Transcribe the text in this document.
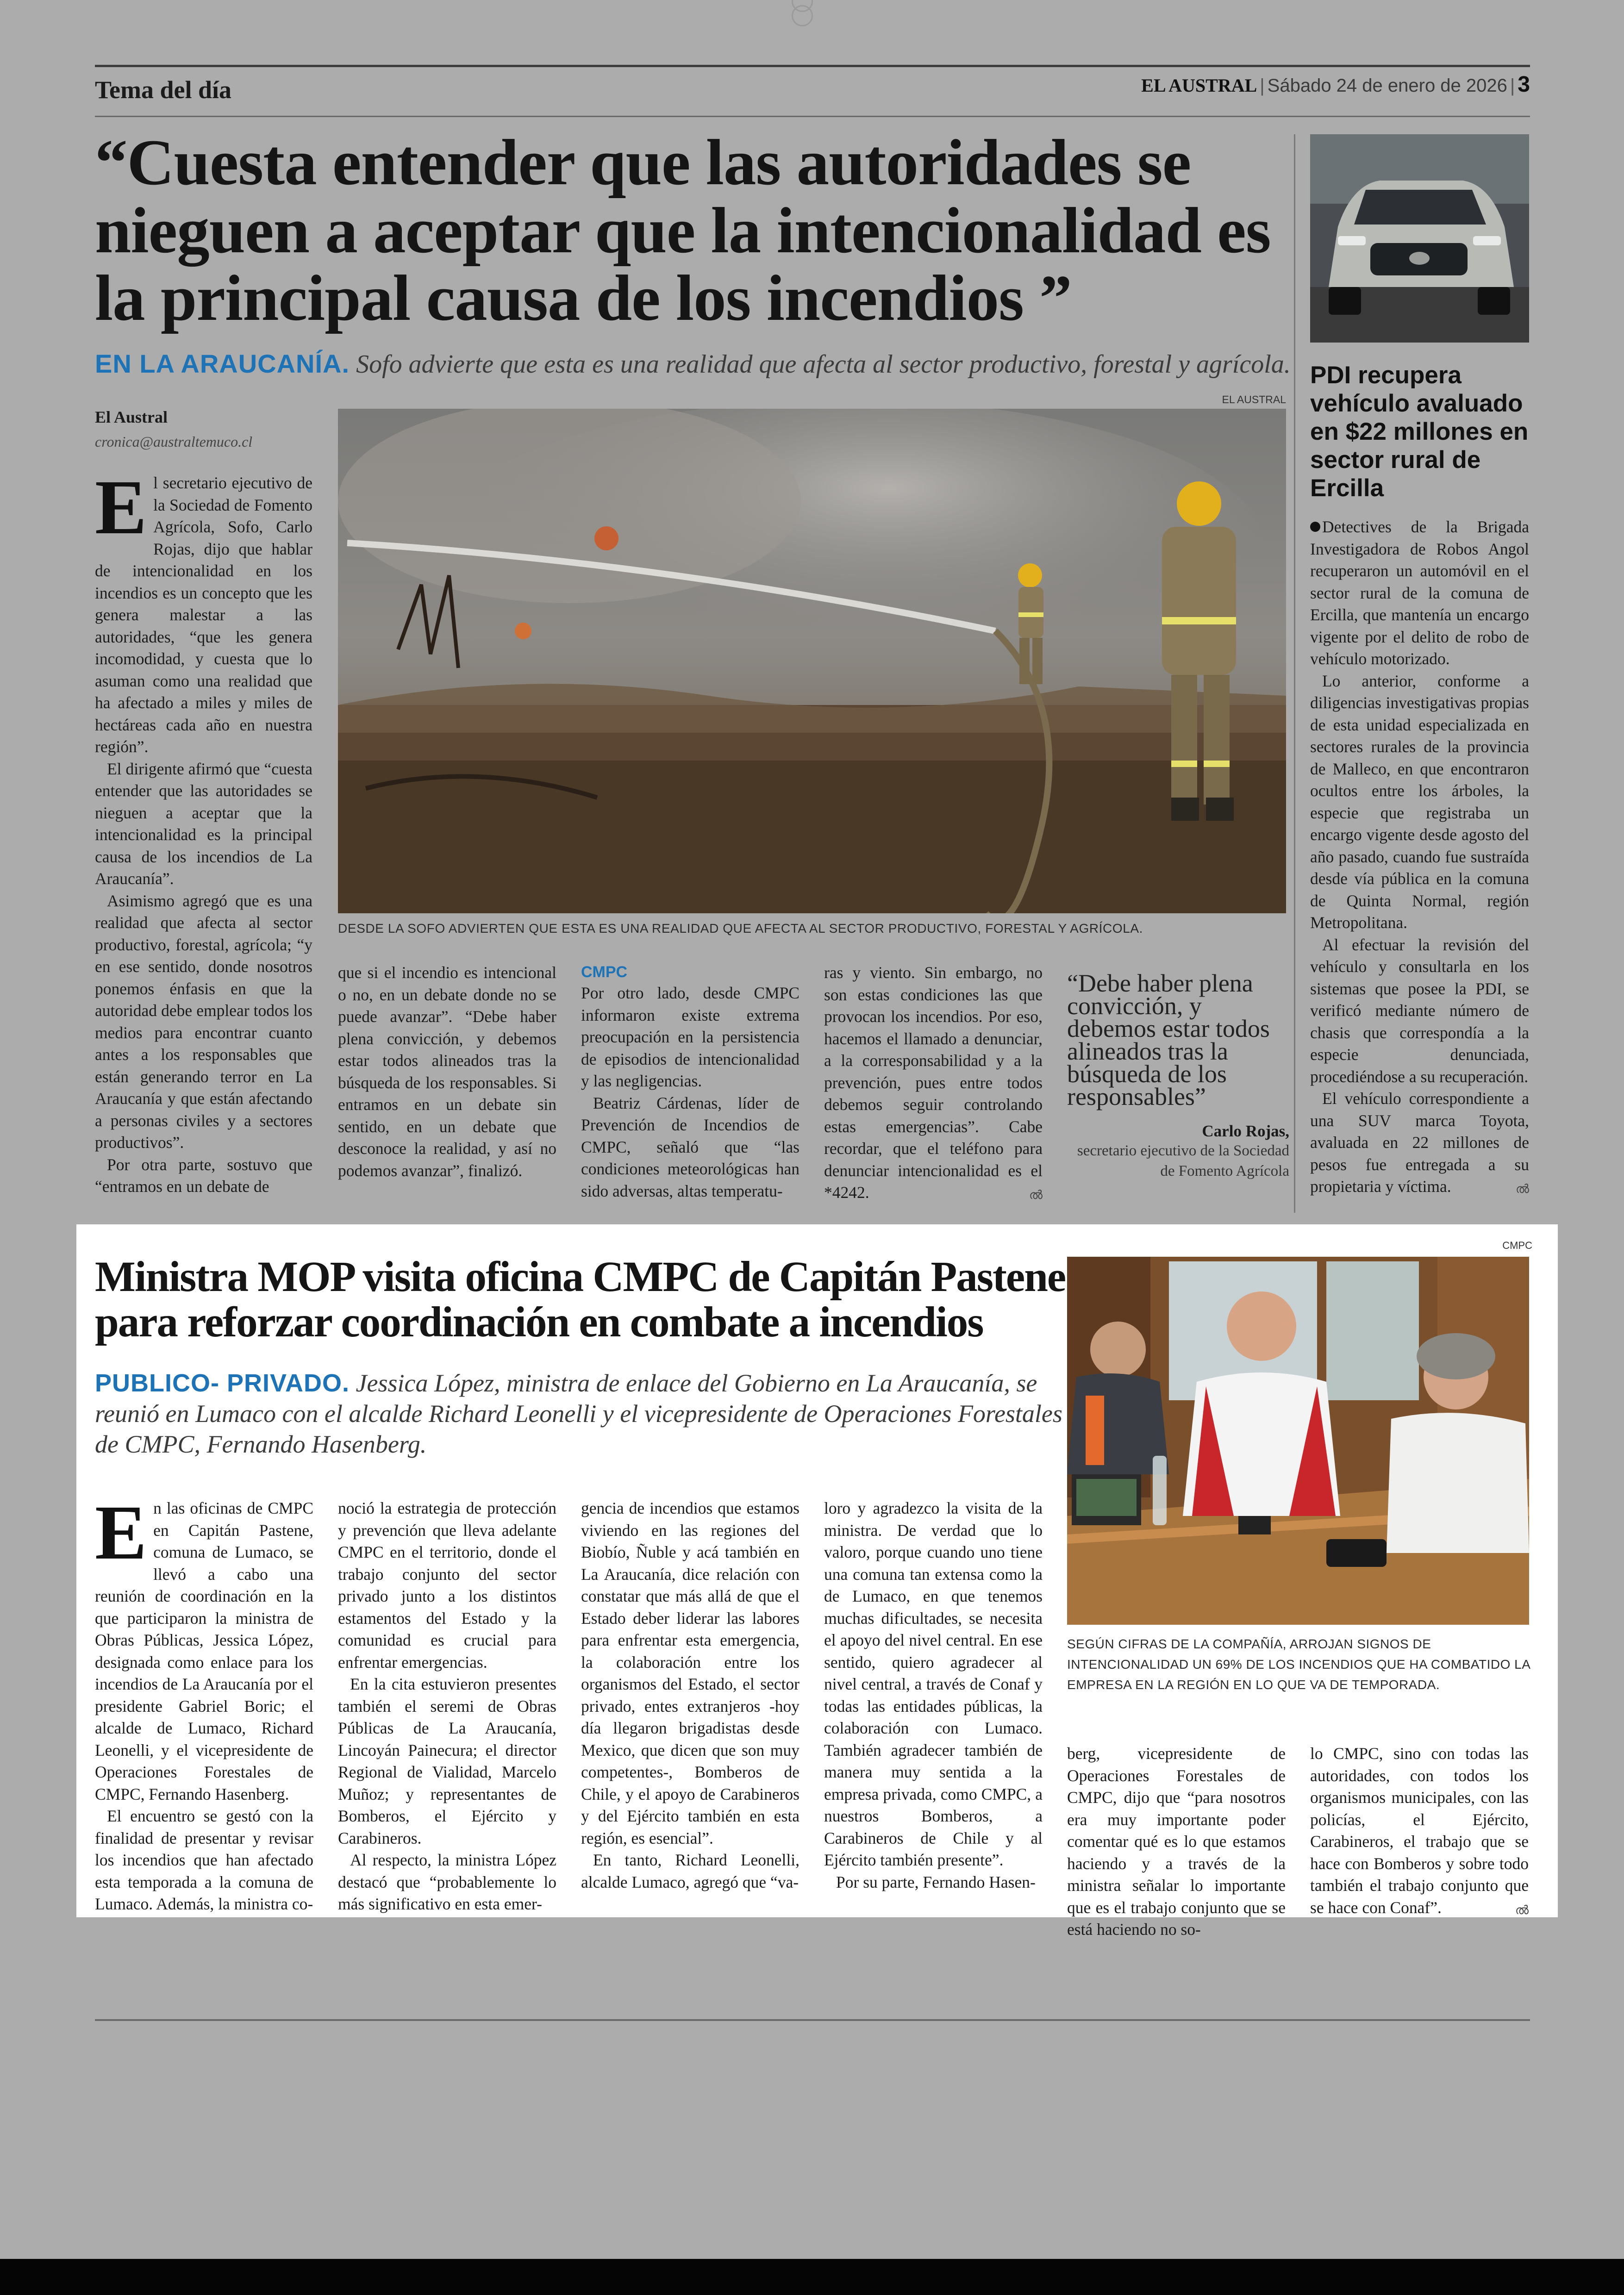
Tema del día	EL AUSTRAL | Sábado 24 de enero de 2026 | 3
“Cuesta entender que las autoridades se nieguen a aceptar que la intencionalidad es la principal causa de los incendios ”
EN LA ARAUCANÍA. Sofo advierte que esta es una realidad que afecta al sector productivo, forestal y agrícola.
El Austral
cronica@australtemuco.cl
E l secretario ejecutivo de la Sociedad de Fomento Agrícola, Sofo, Carlo Rojas, dijo que hablar de intencionalidad en los incendios es un concepto que les genera malestar a las autoridades, “que les genera incomodidad, y cuesta que lo asuman como una realidad que ha afectado a miles y miles de hectáreas cada año en nuestra región”.

El dirigente afirmó que “cuesta entender que las autoridades se nieguen a aceptar que la intencionalidad es la principal causa de los incendios de La Araucanía”.

Asimismo agregó que es una realidad que afecta al sector productivo, forestal, agrícola; “y en ese sentido, donde nosotros ponemos énfasis en que la autoridad debe emplear todos los medios para encontrar cuanto antes a los responsables que están generando terror en La Araucanía y que están afectando a personas civiles y a sectores productivos”.

Por otra parte, sostuvo que “entramos en un debate de

EL AUSTRAL
DESDE LA SOFO ADVIERTEN QUE ESTA ES UNA REALIDAD QUE AFECTA AL SECTOR PRODUCTIVO, FORESTAL Y AGRÍCOLA.

que si el incendio es intencional o no, en un debate donde no se puede avanzar”. “Debe haber plena convicción, y debemos estar todos alineados tras la búsqueda de los responsables. Si entramos en un debate sin sentido, en un debate que desconoce la realidad, y así no podemos avanzar”, finalizó.

CMPC

Por otro lado, desde CMPC informaron existe extrema preocupación en la persistencia de episodios de intencionalidad y las negligencias.

Beatriz Cárdenas, líder de Prevención de Incendios de CMPC, señaló que “las condiciones meteorológicas han sido adversas, altas temperatu-

ras y viento. Sin embargo, no son estas condiciones las que provocan los incendios. Por eso, hacemos el llamado a denunciar, a la corresponsabilidad y a la prevención, pues entre todos debemos seguir controlando estas emergencias”. Cabe recordar, que el teléfono para denunciar intencionalidad es el *4242.	ൽ

“Debe haber plena convicción, y debemos estar todos alineados tras la búsqueda de los responsables”
Carlo Rojas,
secretario ejecutivo de la Sociedad de Fomento Agrícola
PDI recupera vehículo avaluado en $22 millones en sector rural de Ercilla

Detectives de la Brigada Investigadora de Robos Angol recuperaron un automóvil en el sector rural de la comuna de Ercilla, que mantenía un encargo vigente por el delito de robo de vehículo motorizado.

Lo anterior, conforme a diligencias investigativas propias de esta unidad especializada en sectores rurales de la provincia de Malleco, en que encontraron ocultos entre los árboles, la especie que registraba un encargo vigente desde agosto del año pasado, cuando fue sustraída desde vía pública en la comuna de Quinta Normal, región Metropolitana.

Al efectuar la revisión del vehículo y consultarla en los sistemas que posee la PDI, se verificó mediante número de chasis que correspondía a la especie denunciada, procediéndose a su recuperación.

El vehículo correspondiente a una SUV marca Toyota, avaluada en 22 millones de pesos fue entregada a su propietaria y víctima.	ൽ

CMPC
Ministra MOP visita oficina CMPC de Capitán Pastene para reforzar coordinación en combate a incendios
PUBLICO- PRIVADO. Jessica López, ministra de enlace del Gobierno en La Araucanía, se reunió en Lumaco con el alcalde Richard Leonelli y el vicepresidente de Operaciones Forestales de CMPC, Fernando Hasenberg.
SEGÚN CIFRAS DE LA COMPAÑÍA, ARROJAN SIGNOS DE INTENCIONALIDAD UN 69% DE LOS INCENDIOS QUE HA COMBATIDO LA EMPRESA EN LA REGIÓN EN LO QUE VA DE TEMPORADA.
E n las oficinas de CMPC en Capitán Pastene, comuna de Lumaco, se llevó a cabo una reunión de coordinación en la que participaron la ministra de Obras Públicas, Jessica López, designada como enlace para los incendios de La Araucanía por el presidente Gabriel Boric; el alcalde de Lumaco, Richard Leonelli, y el vicepresidente de Operaciones Forestales de CMPC, Fernando Hasenberg.

El encuentro se gestó con la finalidad de presentar y revisar los incendios que han afectado esta temporada a la comuna de Lumaco. Además, la ministra co-

noció la estrategia de protección y prevención que lleva adelante CMPC en el territorio, donde el trabajo conjunto del sector privado junto a los distintos estamentos del Estado y la comunidad es crucial para enfrentar emergencias.

En la cita estuvieron presentes también el seremi de Obras Públicas de La Araucanía, Lincoyán Painecura; el director Regional de Vialidad, Marcelo Muñoz; y representantes de Bomberos, el Ejército y Carabineros.

Al respecto, la ministra López destacó que “probablemente lo más significativo en esta emer-

gencia de incendios que estamos viviendo en las regiones del Biobío, Ñuble y acá también en La Araucanía, dice relación con constatar que más allá de que el Estado deber liderar las labores para enfrentar esta emergencia, la colaboración entre los organismos del Estado, el sector privado, entes extranjeros -hoy día llegaron brigadistas desde Mexico, que dicen que son muy competentes-, Bomberos de Chile, y el apoyo de Carabineros y del Ejército también en esta región, es esencial”.

En tanto, Richard Leonelli, alcalde Lumaco, agregó que “va-

loro y agradezco la visita de la ministra. De verdad que lo valoro, porque cuando uno tiene una comuna tan extensa como la de Lumaco, en que tenemos muchas dificultades, se necesita el apoyo del nivel central. En ese sentido, quiero agradecer al nivel central, a través de Conaf y todas las entidades públicas, la colaboración con Lumaco. También agradecer también de manera muy sentida a la empresa privada, como CMPC, a nuestros Bomberos, a Carabineros de Chile y al Ejército también presente”.

Por su parte, Fernando Hasen-

berg, vicepresidente de Operaciones Forestales de CMPC, dijo que “para nosotros era muy importante poder comentar qué es lo que estamos haciendo y a través de la ministra señalar lo importante que es el trabajo conjunto que se está haciendo no so-

lo CMPC, sino con todas las autoridades, con todos los organismos municipales, con las policías, el Ejército, Carabineros, el trabajo que se hace con Bomberos y sobre todo también el trabajo conjunto que se hace con Conaf”.	ൽ
